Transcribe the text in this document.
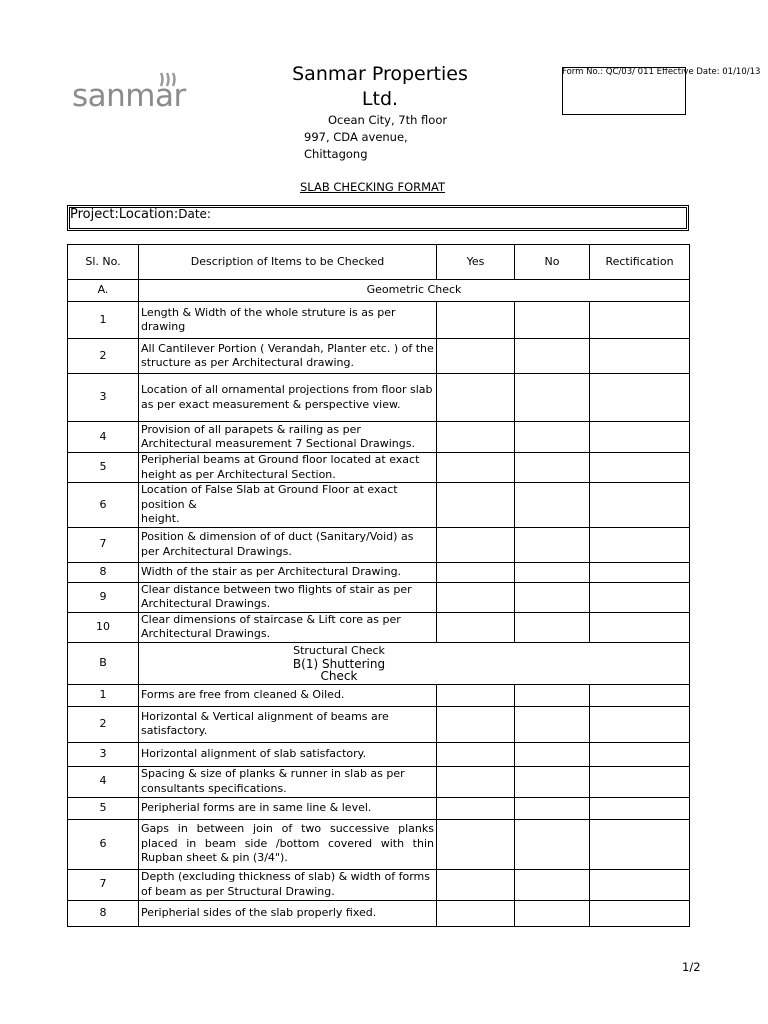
sanmar
Sanmar Properties
Ltd.
Ocean City, 7th floor
997, CDA avenue,
Chittagong
Form No.: QC/03/ 011 Effective Date: 01/10/13
SLAB CHECKING FORMAT
Project:Location:Date:
Sl. No.	Description of Items to be Checked	Yes	No	Rectification
A.	Geometric Check			
1	Length & Width of the whole struture is as per drawing			
2	All Cantilever Portion ( Verandah, Planter etc. ) of the structure as per Architectural drawing.			
3	Location of all ornamental projections from floor slab as per exact measurement & perspective view.			
4	Provision of all parapets & railing as per Architectural measurement 7 Sectional Drawings.			
5	Peripherial beams at Ground floor located at exact height as per Architectural Section.			
6	Location of False Slab at Ground Floor at exact position &
height.			

7	Position & dimension of of duct (Sanitary/Void) as per Architectural Drawings.			
8	Width of the stair as per Architectural Drawing.			
9	Clear distance between two flights of stair as per Architectural Drawings.			
10	Clear dimensions of staircase & Lift core as per Architectural Drawings.			
B	Structural Check
B(1) Shuttering
Check			

1	Forms are free from cleaned & Oiled.			
2	Horizontal & Vertical alignment of beams are satisfactory.			
3	Horizontal alignment of slab satisfactory.			
4	Spacing & size of planks & runner in slab as per consultants specifications.			
5	Peripherial forms are in same line & level.			
6	Gaps in between join of two successive planks placed in beam side /bottom covered with thin Rupban sheet & pin (3/4").			
7	Depth (excluding thickness of slab) & width of forms of beam as per Structural Drawing.			
8	Peripherial sides of the slab properly fixed.			
1/2
